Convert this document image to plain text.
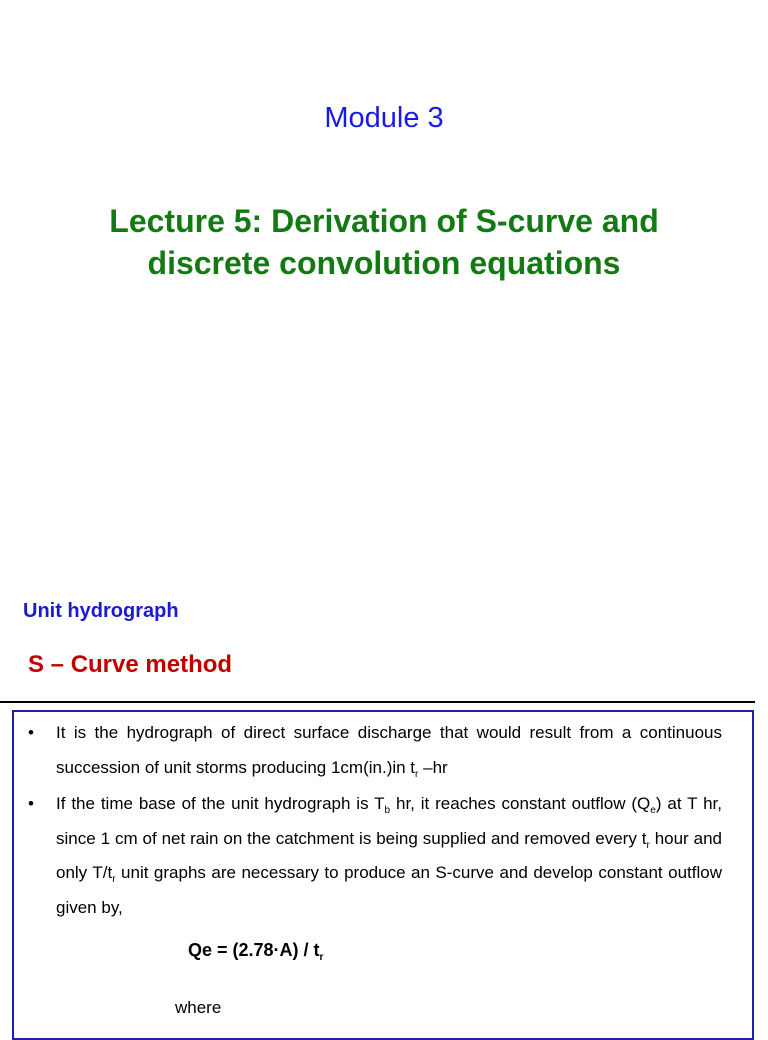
Module 3
Lecture 5: Derivation of S-curve and
discrete convolution equations
Unit hydrograph
S – Curve method
• It is the hydrograph of direct surface discharge that would result from a continuous succession of unit storms producing 1cm(in.)in $t_r$ –hr
• If the time base of the unit hydrograph is $T_b$ hr, it reaches constant outflow $(Q_e)$ at T hr, since 1 cm of net rain on the catchment is being supplied and removed every $t_r$ hour and only $T/t_r$ unit graphs are necessary to produce an S-curve and develop constant outflow given by,
$Qe = (2.78\cdot A) / t_r$
where
